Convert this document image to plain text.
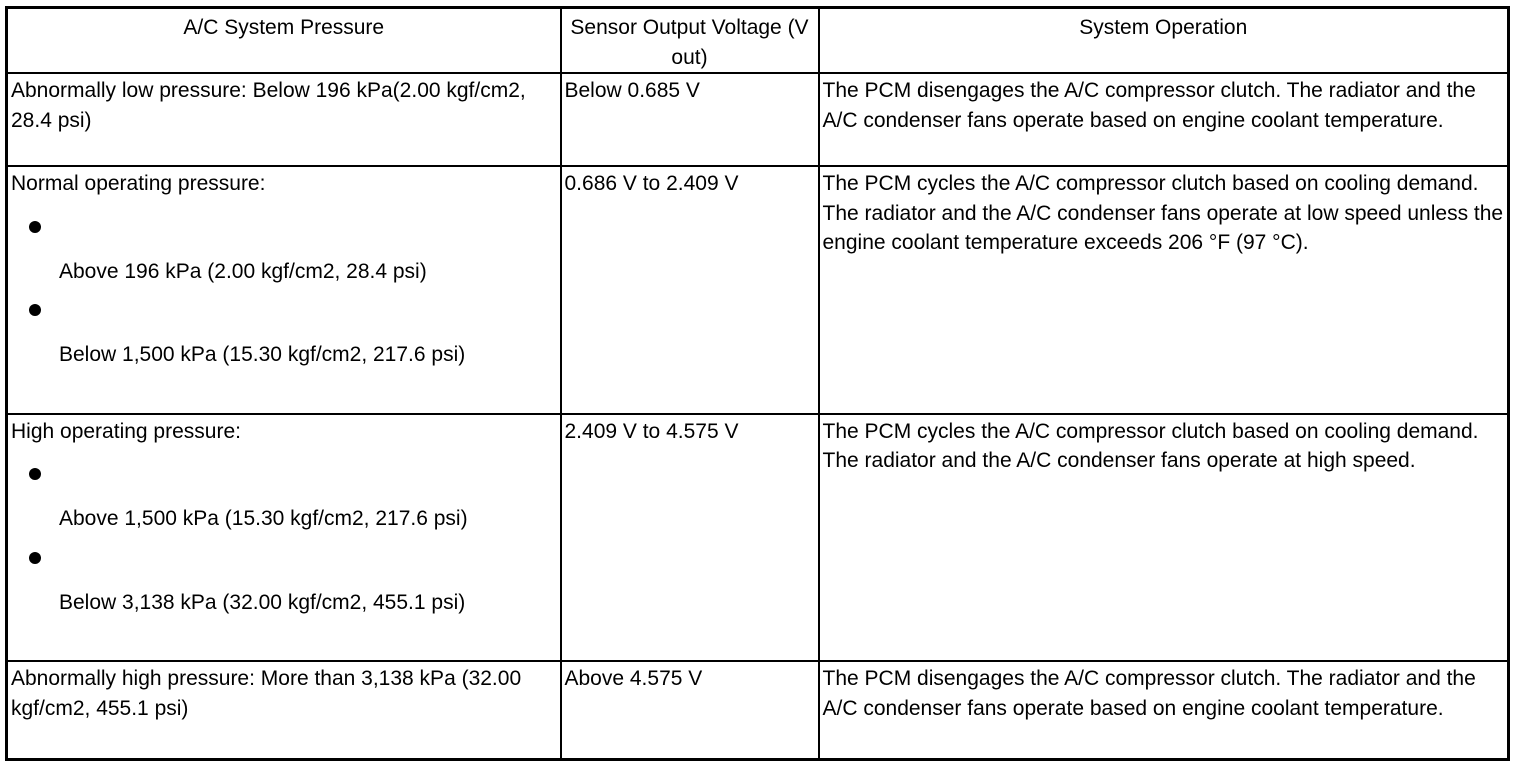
A/C System Pressure	Sensor Output Voltage (V out)	System Operation

Abnormally low pressure: Below 196 kPa(2.00 kgf/cm2,   28.4 psi)	Below 0.685 V	The PCM disengages the A/C compressor clutch. The radiator and the A/C condenser fans operate based on engine coolant temperature.

Normal operating pressure:
Above 196 kPa (2.00 kgf/cm2, 28.4 psi)
Below 1,500 kPa (15.30 kgf/cm2, 217.6 psi)	0.686 V to 2.409 V	The PCM cycles the A/C compressor clutch based on cooling demand. The radiator and the A/C condenser fans operate at low speed unless the engine coolant temperature exceeds 206 °F (97 °C).

High operating pressure:
Above 1,500 kPa (15.30 kgf/cm2, 217.6 psi)
Below 3,138 kPa (32.00 kgf/cm2, 455.1 psi)	2.409 V to 4.575 V	The PCM cycles the A/C compressor clutch based on cooling demand. The radiator and the A/C condenser fans operate at high speed.

Abnormally high pressure: More than 3,138 kPa (32.00 kgf/cm2, 455.1 psi)	Above 4.575 V	The PCM disengages the A/C compressor clutch. The radiator and the A/C condenser fans operate based on engine coolant temperature.
